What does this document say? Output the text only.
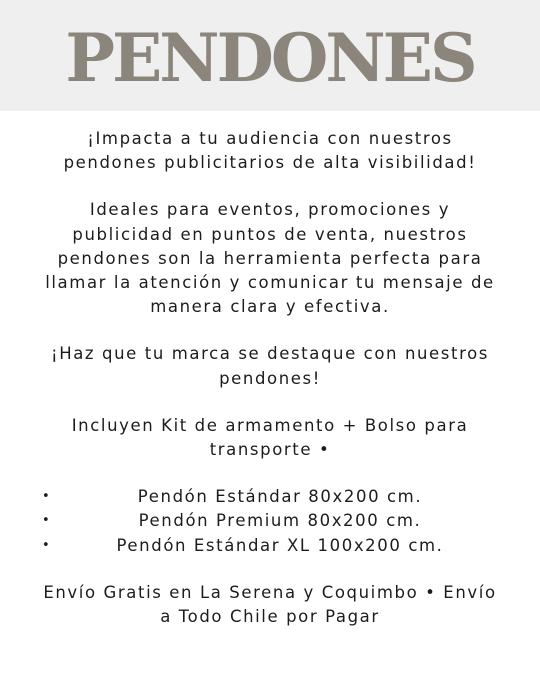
PENDONES

¡Impacta a tu audiencia con nuestros
pendones publicitarios de alta visibilidad!

Ideales para eventos, promociones y
publicidad en puntos de venta, nuestros
pendones son la herramienta perfecta para
llamar la atención y comunicar tu mensaje de
manera clara y efectiva.

¡Haz que tu marca se destaque con nuestros
pendones!

Incluyen Kit de armamento + Bolso para
transporte •

•	Pendón Estándar 80x200 cm.
•	Pendón Premium 80x200 cm.
•	Pendón Estándar XL 100x200 cm.

Envío Gratis en La Serena y Coquimbo • Envío
a Todo Chile por Pagar
